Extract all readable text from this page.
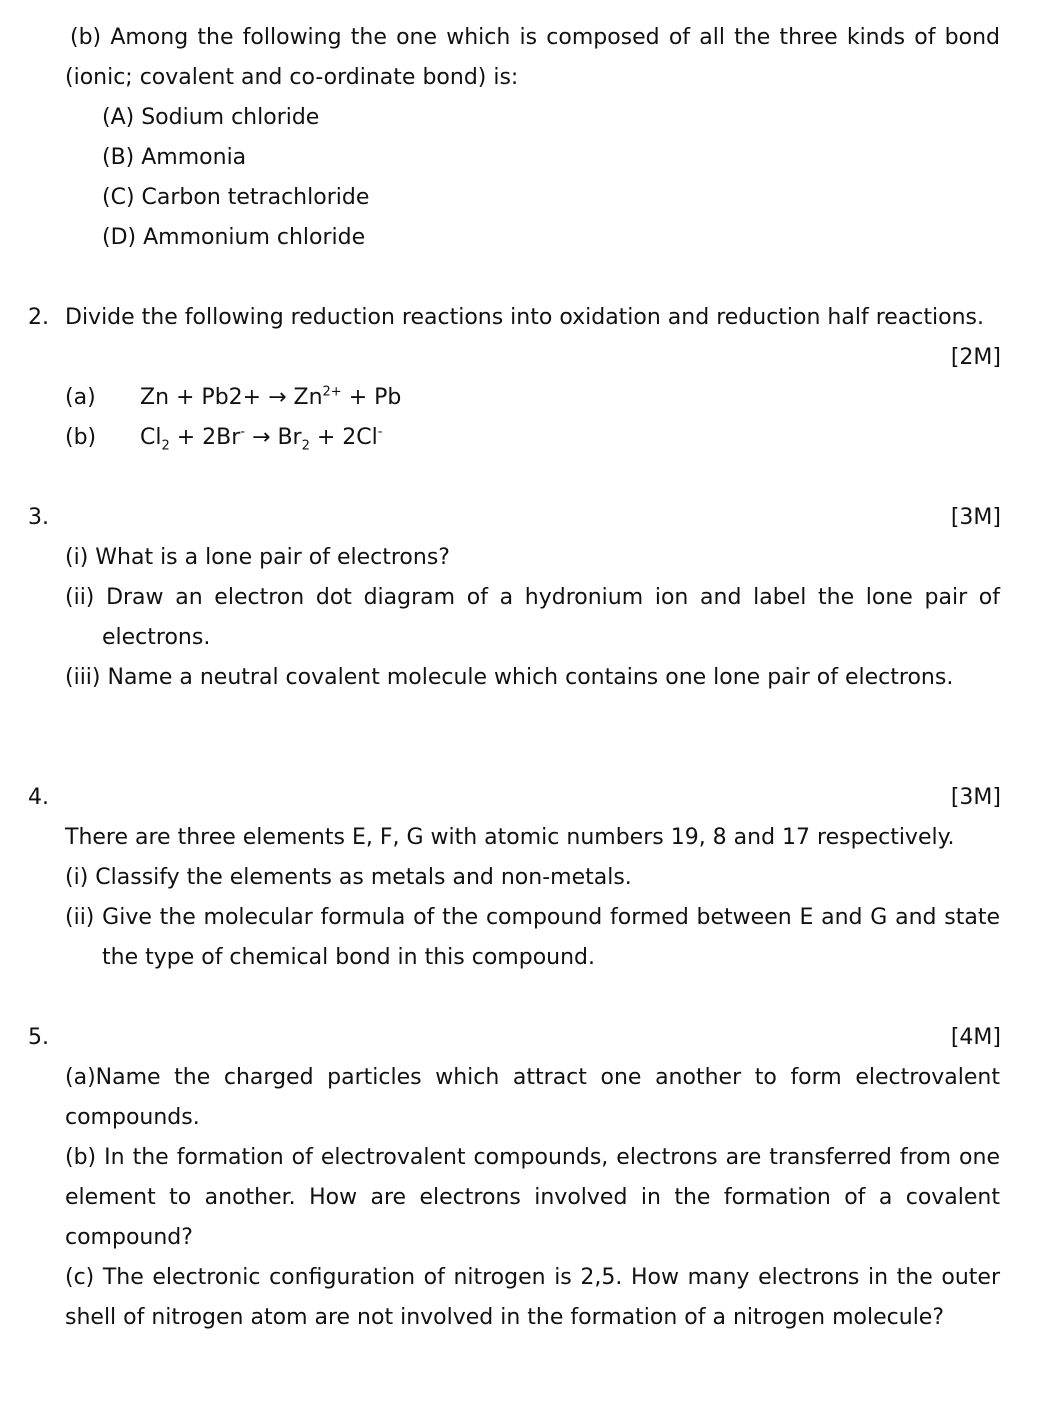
(b) Among the following the one which is composed of all the three kinds of bond (ionic; covalent and co-ordinate bond) is:
(A) Sodium chloride
(B) Ammonia
(C) Carbon tetrachloride
(D) Ammonium chloride
2. Divide the following reduction reactions into oxidation and reduction half reactions.
[2M]
(a) $Zn + Pb2+ \to Zn^{2+} + Pb$
(b) $Cl_2 + 2Br^- \to Br_2 + 2Cl^-$
3.	[3M]
(i) What is a lone pair of electrons?
(ii) Draw an electron dot diagram of a hydronium ion and label the lone pair of electrons.
(iii) Name a neutral covalent molecule which contains one lone pair of electrons.
4.	[3M]
There are three elements E, F, G with atomic numbers 19, 8 and 17 respectively.
(i) Classify the elements as metals and non-metals.
(ii) Give the molecular formula of the compound formed between E and G and state the type of chemical bond in this compound.
5.	[4M]
(a)Name the charged particles which attract one another to form electrovalent compounds.
(b) In the formation of electrovalent compounds, electrons are transferred from one element to another. How are electrons involved in the formation of a covalent compound?
(c) The electronic configuration of nitrogen is 2,5. How many electrons in the outer shell of nitrogen atom are not involved in the formation of a nitrogen molecule?
